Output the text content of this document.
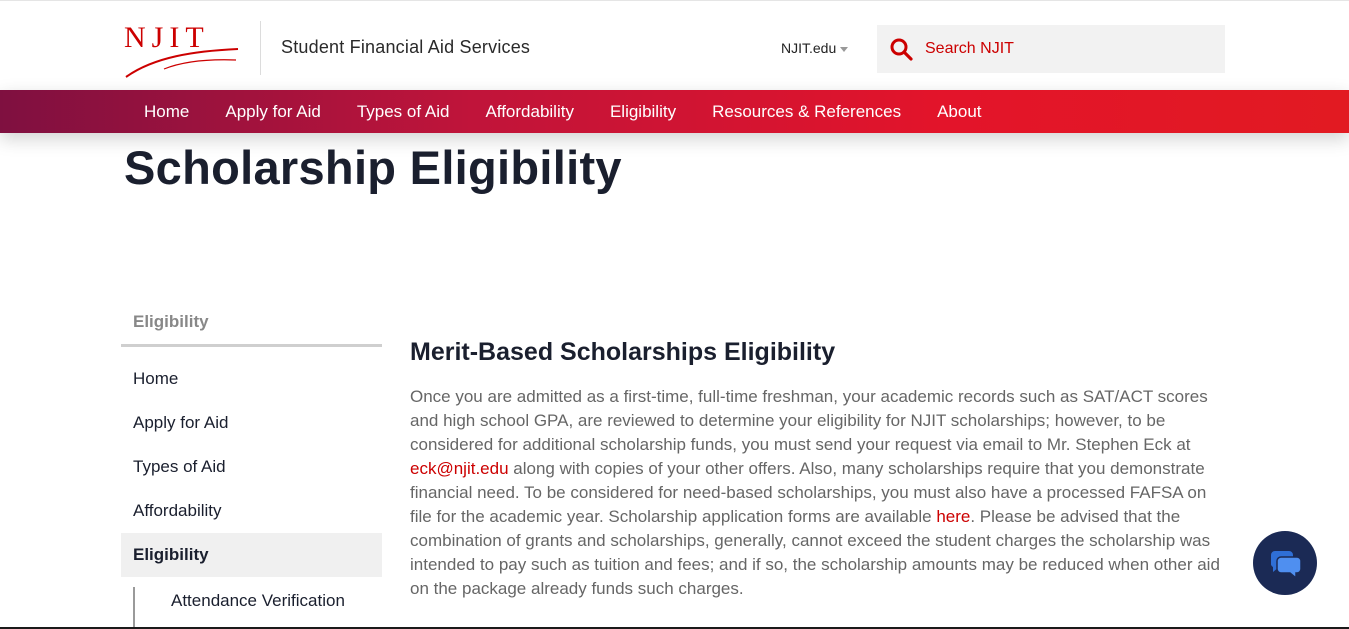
NJIT	Student Financial Aid Services	NJIT.edu
Search NJIT
Home	Apply for Aid	Types of Aid	Affordability	Eligibility	Resources & References	About
Scholarship Eligibility
Eligibility
Home
Apply for Aid
Types of Aid
Affordability
Eligibility
Attendance Verification
Merit-Based Scholarships Eligibility

Once you are admitted as a first-time, full-time freshman, your academic records such as SAT/ACT scores and high school GPA, are reviewed to determine your eligibility for NJIT scholarships; however, to be considered for additional scholarship funds, you must send your request via email to Mr. Stephen Eck at eck@njit.edu along with copies of your other offers. Also, many scholarships require that you demonstrate financial need. To be considered for need-based scholarships, you must also have a processed FAFSA on file for the academic year. Scholarship application forms are available here. Please be advised that the combination of grants and scholarships, generally, cannot exceed the student charges the scholarship was intended to pay such as tuition and fees; and if so, the scholarship amounts may be reduced when other aid on the package already funds such charges.
